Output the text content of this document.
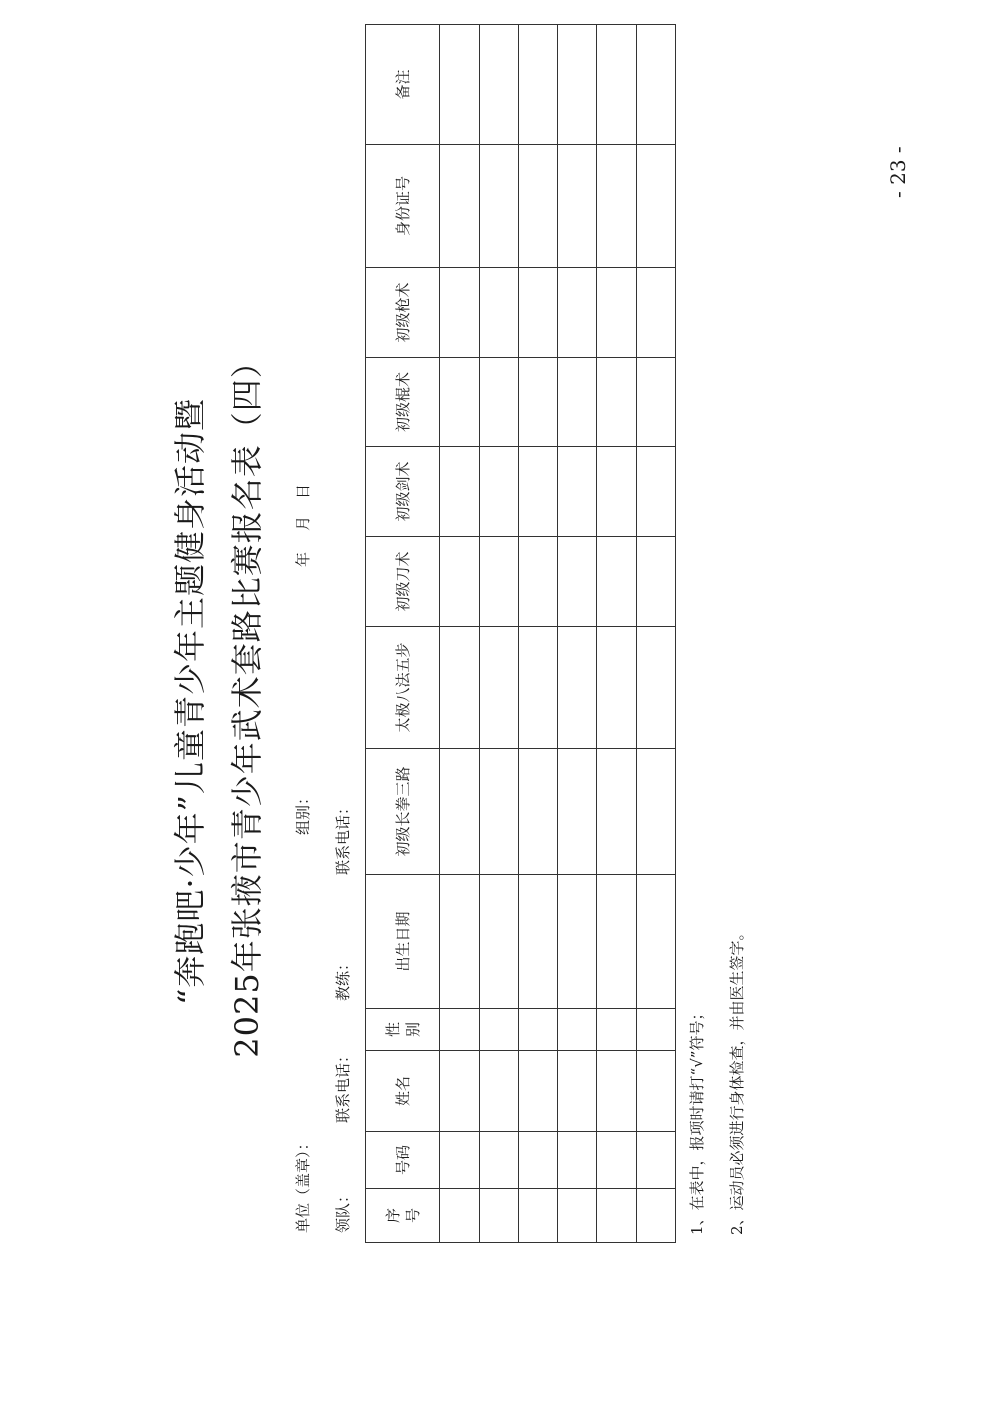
“奔跑吧·少年”儿童青少年主题健身活动暨 2025年张掖市青少年武术套路比赛报名表（四）
单位（盖章）：
组别：
年
月
日
领队：
联系电话：
教练：
联系电话：
序 号	号码	姓名	性 别	出生日期	初级长拳三路	太极八法五步	初级刀术	初级剑术	初级棍术	初级枪术	身份证号	备注

1、在表中，报项时请打“√”符号； 2、运动员必须进行身体检查，并由医生签字。
- 23 -
